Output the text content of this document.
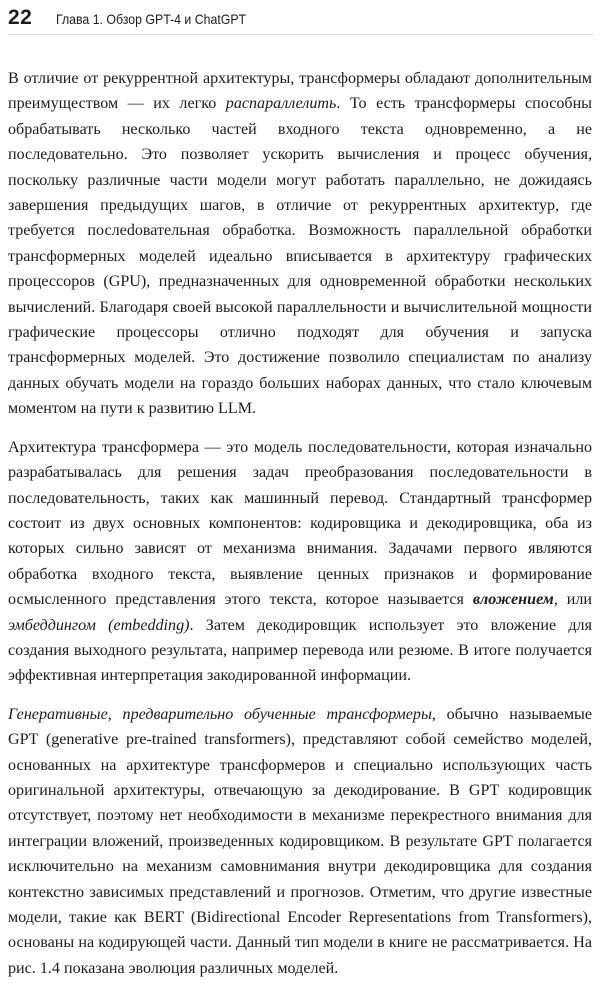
22 Глава 1. Обзор GPT-4 и ChatGPT

В отличие от рекуррентной архитектуры, трансформеры обладают дополнительным преимуществом — их легко распараллелить. То есть трансформеры способны обрабатывать несколько частей входного текста одновременно, а не последовательно. Это позволяет ускорить вычисления и процесс обучения, поскольку различные части модели могут работать параллельно, не дожидаясь завершения предыдущих шагов, в отличие от рекуррентных архитектур, где требуется послеdовательная обработка. Возможность параллельной обработки трансформерных моделей идеально вписывается в архитектуру графических процессоров (GPU), предназначенных для одновременной обработки нескольких вычислений. Благодаря своей высокой параллельности и вычислительной мощности графические процессоры отлично подходят для обучения и запуска трансформерных моделей. Это достижение позволило специалистам по анализу данных обучать модели на гораздо больших наборах данных, что стало ключевым моментом на пути к развитию LLM.

Архитектура трансформера — это модель последовательности, которая изначально разрабатывалась для решения задач преобразования последовательности в последовательность, таких как машинный перевод. Стандартный трансформер состоит из двух основных компонентов: кодировщика и декодировщика, оба из которых сильно зависят от механизма внимания. Задачами первого являются обработка входного текста, выявление ценных признаков и формирование осмысленного представления этого текста, которое называется вложением, или эмбеддингом (embedding). Затем декодировщик использует это вложение для создания выходного результата, например перевода или резюме. В итоге получается эффективная интерпретация закодированной информации.

Генеративные, предварительно обученные трансформеры, обычно называемые GPT (generative pre-trained transformers), представляют собой семейство моделей, основанных на архитектуре трансформеров и специально использующих часть оригинальной архитектуры, отвечающую за декодирование. В GPT кодировщик отсутствует, поэтому нет необходимости в механизме перекрестного внимания для интеграции вложений, произведенных кодировщиком. В результате GPT полагается исключительно на механизм самовнимания внутри декодировщика для создания контекстно зависимых представлений и прогнозов. Отметим, что другие известные модели, такие как BERT (Bidirectional Encoder Representations from Transformers), основаны на кодирующей части. Данный тип модели в книге не рассматривается. На рис. 1.4 показана эволюция различных моделей.
